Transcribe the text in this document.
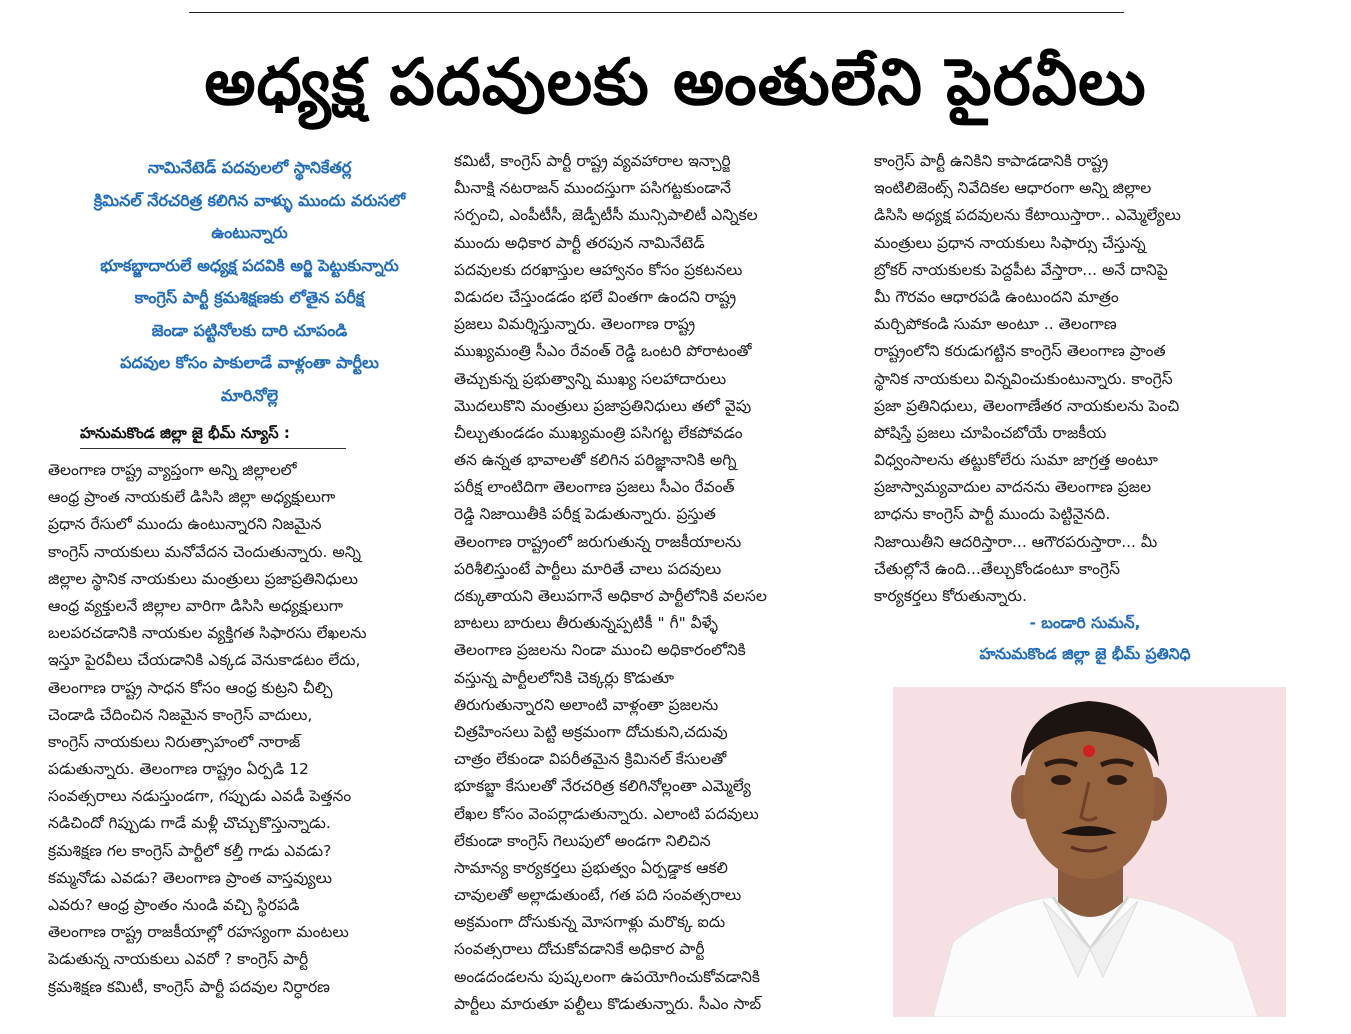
అధ్యక్ష పదవులకు అంతులేని పైరవీలు
నామినేటెడ్ పదవులలో స్థానికేతర్ల
క్రిమినల్ నేరచరిత్ర కలిగిన వాళ్ళు ముందు వరుసలో
ఉంటున్నారు
భూకబ్జాదారులే అధ్యక్ష పదవికి అర్జి పెట్టుకున్నారు
కాంగ్రెస్ పార్టీ క్రమశిక్షణకు లోతైన పరీక్ష
జెండా పట్టినోలకు దారి చూపండి
పదవుల కోసం పాకులాడే వాళ్లంతా పార్టీలు
మారినోల్లె
హనుమకొండ జిల్లా జై భీమ్ న్యూస్ :
తెలంగాణ రాష్ట్ర వ్యాప్తంగా అన్ని జిల్లాలలో
ఆంధ్ర ప్రాంత నాయకులే డిసిసి జిల్లా అధ్యక్షులుగా
ప్రధాన రేసులో ముందు ఉంటున్నారని నిజమైన
కాంగ్రెస్ నాయకులు మనోవేదన చెందుతున్నారు. అన్ని
జిల్లాల స్థానిక నాయకులు మంత్రులు ప్రజాప్రతినిధులు
ఆంధ్ర వ్యక్తులనే జిల్లాల వారిగా డిసిసి అధ్యక్షులుగా
బలపరచడానికి నాయకుల వ్యక్తిగత సిఫారసు లేఖలను
ఇస్తూ పైరవీలు చేయడానికి ఎక్కడ వెనుకాడటం లేదు,
తెలంగాణ రాష్ట్ర సాధన కోసం ఆంధ్ర కుట్రని చీల్చి
చెండాడి చేదించిన నిజమైన కాంగ్రెస్ వాదులు,
కాంగ్రెస్ నాయకులు నిరుత్సాహంలో నారాజ్
పడుతున్నారు. తెలంగాణ రాష్ట్రం ఏర్పడి 12
సంవత్సరాలు నడుస్తుండగా, గప్పుడు ఎవడీ పెత్తనం
నడిచిందో గిప్పుడు గాడే మళ్లీ చొచ్చుకొస్తున్నాడు.
క్రమశిక్షణ గల కాంగ్రెస్ పార్టీలో కల్తీ గాడు ఎవడు?
కమ్మనోడు ఎవడు? తెలంగాణ ప్రాంత వాస్తవ్యులు
ఎవరు? ఆంధ్ర ప్రాంతం నుండి వచ్చి స్థిరపడి
తెలంగాణ రాష్ట్ర రాజకీయాల్లో రహస్యంగా మంటలు
పెడుతున్న నాయకులు ఎవరో ? కాంగ్రెస్ పార్టీ
క్రమశిక్షణ కమిటీ, కాంగ్రెస్ పార్టీ పదవుల నిర్ధారణ
కమిటీ, కాంగ్రెస్ పార్టీ రాష్ట్ర వ్యవహారాల ఇన్చార్జి
మీనాక్షి నటరాజన్ ముందస్తుగా పసిగట్టకుండానే
సర్పంచి, ఎంపీటీసీ, జెడ్పీటీసీ మున్సిపాలిటీ ఎన్నికల
ముందు అధికార పార్టీ తరపున నామినేటెడ్
పదవులకు దరఖాస్తుల ఆహ్వానం కోసం ప్రకటనలు
విడుదల చేస్తుండడం భలే వింతగా ఉందని రాష్ట్ర
ప్రజలు విమర్శిస్తున్నారు. తెలంగాణ రాష్ట్ర
ముఖ్యమంత్రి సీఎం రేవంత్ రెడ్డి ఒంటరి పోరాటంతో
తెచ్చుకున్న ప్రభుత్వాన్ని ముఖ్య సలహాదారులు
మొదలుకొని మంత్రులు ప్రజాప్రతినిధులు తలో వైపు
చీల్చుతుండడం ముఖ్యమంత్రి పసిగట్ట లేకపోవడం
తన ఉన్నత భావాలతో కలిగిన పరిజ్ఞానానికి అగ్ని
పరీక్ష లాంటిదిగా తెలంగాణ ప్రజలు సీఎం రేవంత్
రెడ్డి నిజాయితీకి పరీక్ష పెడుతున్నారు. ప్రస్తుత
తెలంగాణ రాష్ట్రంలో జరుగుతున్న రాజకీయాలను
పరిశీలిస్తుంటే పార్టీలు మారితే చాలు పదవులు
దక్కుతాయని తెలుపగానే అధికార పార్టీలోనికి వలసల
బాటలు బారులు తీరుతున్నప్పటికీ " గీ" వీళ్ళే
తెలంగాణ ప్రజలను నిండా ముంచి అధికారంలోనికి
వస్తున్న పార్టీలలోనికి చెక్కర్లు కొడుతూ
తిరుగుతున్నారని అలాంటి వాళ్లంతా ప్రజలను
చిత్రహింసలు పెట్టి అక్రమంగా దోచుకుని,చదువు
చాత్రం లేకుండా విపరీతమైన క్రిమినల్ కేసులతో
భూకబ్జా కేసులతో నేరచరిత్ర కలిగినోల్లంతా ఎమ్మెల్యే
లేఖల కోసం వెంపర్లాడుతున్నారు. ఎలాంటి పదవులు
లేకుండా కాంగ్రెస్ గెలుపులో అండగా నిలిచిన
సామాన్య కార్యకర్తలు ప్రభుత్వం ఏర్పడ్డాక ఆకలి
చావులతో అల్లాడుతుంటే, గత పది సంవత్సరాలు
అక్రమంగా దోసుకున్న మోసగాళ్లు మరొక్క ఐదు
సంవత్సరాలు దోచుకోవడానికే అధికార పార్టీ
అండదండలను పుష్కలంగా ఉపయోగించుకోవడానికి
పార్టీలు మారుతూ పల్టీలు కొడుతున్నారు. సీఎం సాబ్
కాంగ్రెస్ పార్టీ ఉనికిని కాపాడడానికి రాష్ట్ర
ఇంటిలిజెంట్స్ నివేదికల ఆధారంగా అన్ని జిల్లాల
డిసిసి అధ్యక్ష పదవులను కేటాయిస్తారా.. ఎమ్మెల్యేలు
మంత్రులు ప్రధాన నాయకులు సిఫార్సు చేస్తున్న
బ్రోకర్ నాయకులకు పెద్దపీట వేస్తారా... అనే దానిపై
మీ గౌరవం ఆధారపడి ఉంటుందని మాత్రం
మర్చిపోకండి సుమా అంటూ .. తెలంగాణ
రాష్ట్రంలోని కరుడుగట్టిన కాంగ్రెస్ తెలంగాణ ప్రాంత
స్థానిక నాయకులు విన్నవించుకుంటున్నారు. కాంగ్రెస్
ప్రజా ప్రతినిధులు, తెలంగాణేతర నాయకులను పెంచి
పోషిస్తే ప్రజలు చూపించబోయే రాజకీయ
విధ్వంసాలను తట్టుకోలేరు సుమా జాగ్రత్త అంటూ
ప్రజాస్వామ్యవాదుల వాదనను తెలంగాణ ప్రజల
బాధను కాంగ్రెస్ పార్టీ ముందు పెట్టినైనది.
నిజాయితీని ఆదరిస్తారా... ఆగౌరపరుస్తారా... మీ
చేతుల్లోనే ఉంది...తేల్చుకోండంటూ కాంగ్రెస్
కార్యకర్తలు కోరుతున్నారు.
- బండారి సుమన్,
హనుమకొండ జిల్లా జై భీమ్ ప్రతినిధి
